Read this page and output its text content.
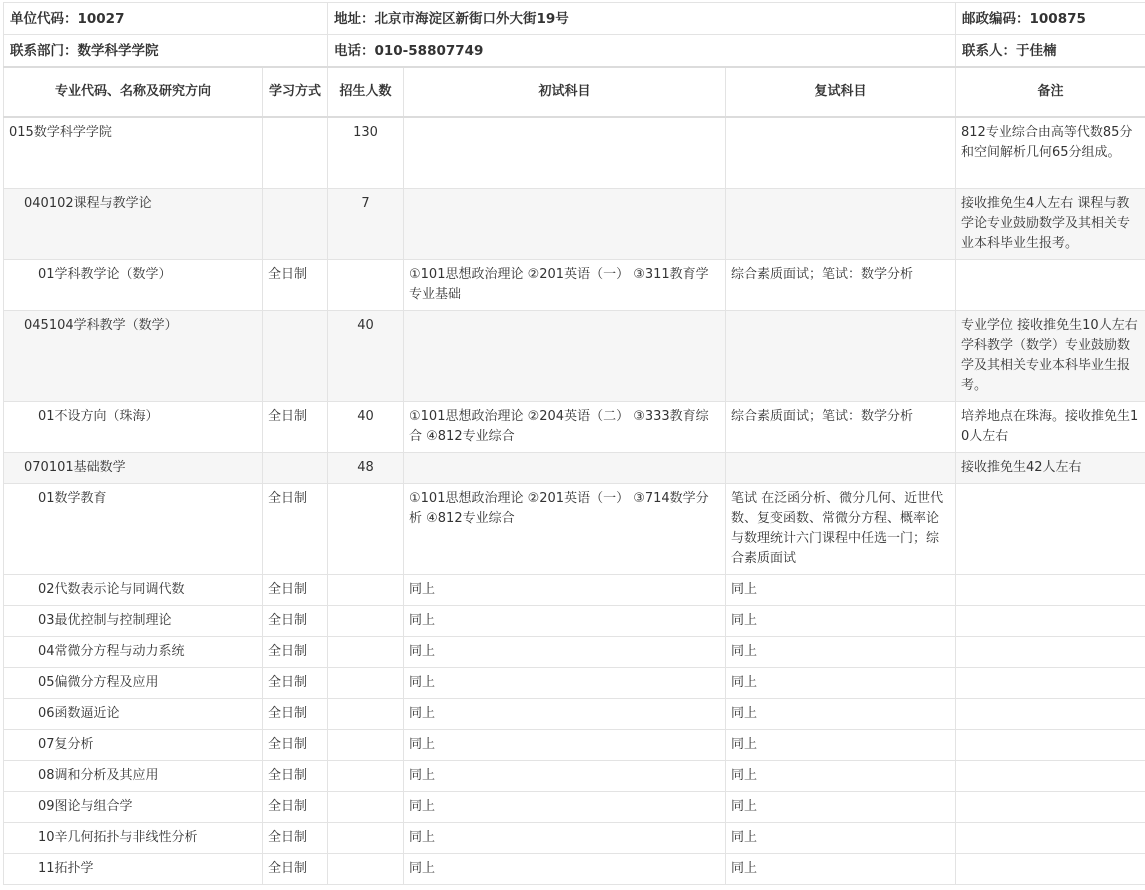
单位代码：10027		地址：北京市海淀区新街口外大街19号			邮政编码：100875
联系部门：数学科学学院		电话：010-58807749			联系人：于佳楠
专业代码、名称及研究方向	学习方式	招生人数	初试科目	复试科目	备注
015数学科学学院		130			812专业综合由高等代数85分和空间解析几何65分组成。
040102课程与教学论		7			接收推免生4人左右 课程与教学论专业鼓励数学及其相关专业本科毕业生报考。
01学科教学论（数学）	全日制		①101思想政治理论 ②201英语（一） ③311教育学专业基础	综合素质面试；笔试：数学分析	
045104学科教学（数学）		40			专业学位 接收推免生10人左右 学科教学（数学）专业鼓励数学及其相关专业本科毕业生报考。
01不设方向（珠海）	全日制	40	①101思想政治理论 ②204英语（二） ③333教育综合 ④812专业综合	综合素质面试；笔试：数学分析	培养地点在珠海。接收推免生10人左右
070101基础数学		48			接收推免生42人左右
01数学教育	全日制		①101思想政治理论 ②201英语（一） ③714数学分析 ④812专业综合	笔试 在泛函分析、微分几何、近世代数、复变函数、常微分方程、概率论与数理统计六门课程中任选一门；综合素质面试	
02代数表示论与同调代数	全日制		同上	同上	
03最优控制与控制理论	全日制		同上	同上	
04常微分方程与动力系统	全日制		同上	同上	
05偏微分方程及应用	全日制		同上	同上	
06函数逼近论	全日制		同上	同上	
07复分析	全日制		同上	同上	
08调和分析及其应用	全日制		同上	同上	
09图论与组合学	全日制		同上	同上	
10辛几何拓扑与非线性分析	全日制		同上	同上	
11拓扑学	全日制		同上	同上	
